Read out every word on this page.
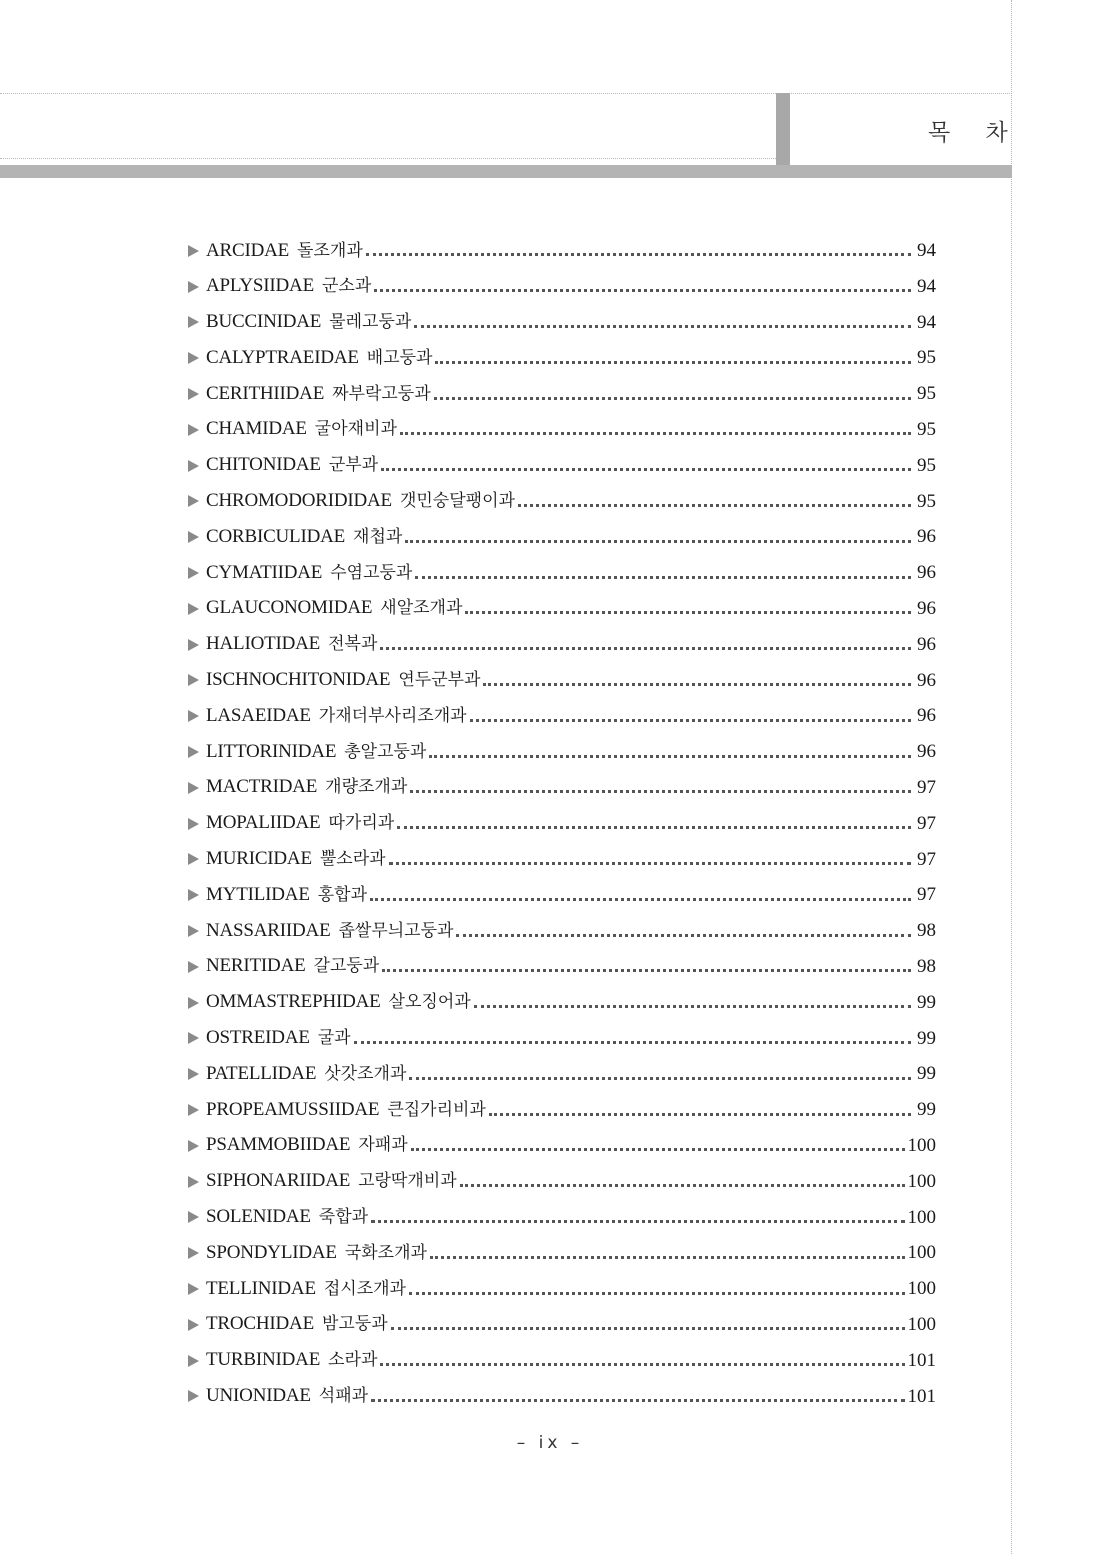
목 차
ARCIDAE 돌조개과	94
APLYSIIDAE 군소과	94
BUCCINIDAE 물레고둥과	94
CALYPTRAEIDAE 배고둥과	95
CERITHIIDAE 짜부락고둥과	95
CHAMIDAE 굴아재비과	95
CHITONIDAE 군부과	95
CHROMODORIDIDAE 갯민숭달팽이과	95
CORBICULIDAE 재첩과	96
CYMATIIDAE 수염고둥과	96
GLAUCONOMIDAE 새알조개과	96
HALIOTIDAE 전복과	96
ISCHNOCHITONIDAE 연두군부과	96
LASAEIDAE 가재더부사리조개과	96
LITTORINIDAE 총알고둥과	96
MACTRIDAE 개량조개과	97
MOPALIIDAE 따가리과	97
MURICIDAE 뿔소라과	97
MYTILIDAE 홍합과	97
NASSARIIDAE 좁쌀무늬고둥과	98
NERITIDAE 갈고둥과	98
OMMASTREPHIDAE 살오징어과	99
OSTREIDAE 굴과	99
PATELLIDAE 삿갓조개과	99
PROPEAMUSSIIDAE 큰집가리비과	99
PSAMMOBIIDAE 자패과	100
SIPHONARIIDAE 고랑딱개비과	100
SOLENIDAE 죽합과	100
SPONDYLIDAE 국화조개과	100
TELLINIDAE 접시조개과	100
TROCHIDAE 밤고둥과	100
TURBINIDAE 소라과	101
UNIONIDAE 석패과	101
– ix –
